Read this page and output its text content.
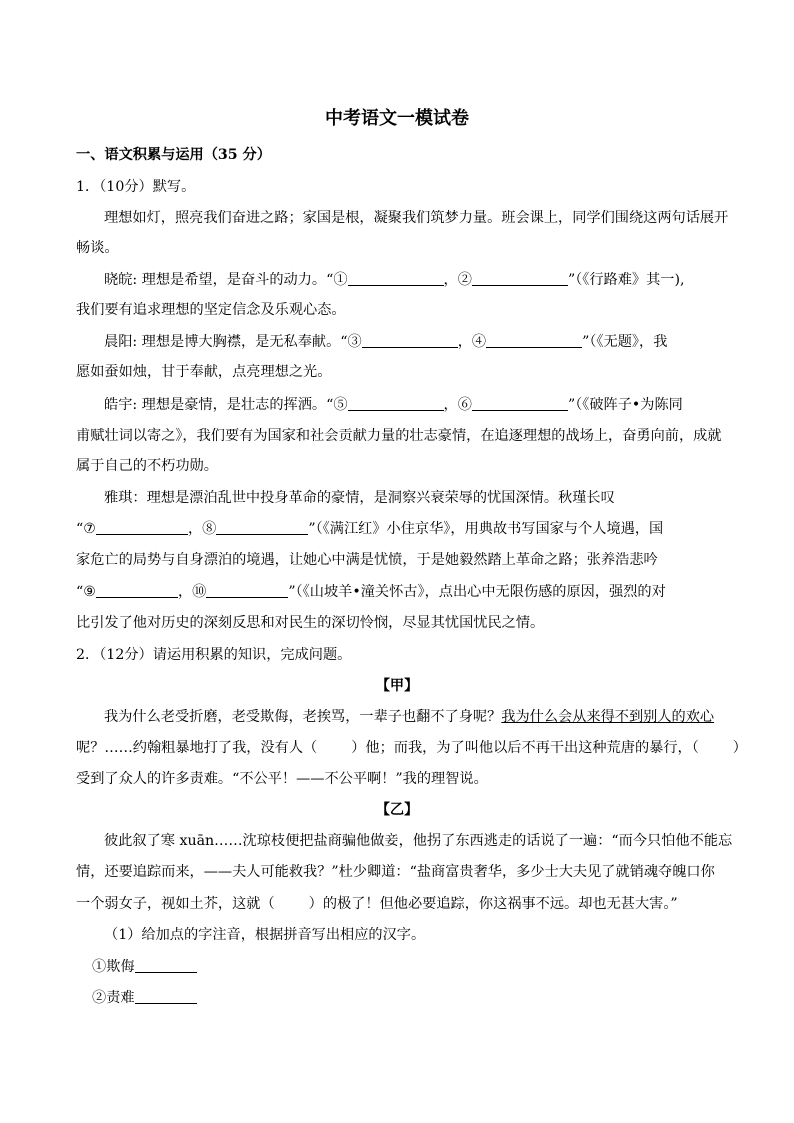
中考语文一模试卷
一、语文积累与运用（35 分）
1．（10分）默写。
理想如灯，照亮我们奋进之路；家国是根，凝聚我们筑梦力量。班会课上，同学们围绕这两句话展开
畅谈。
晓皖: 理想是希望，是奋斗的动力。“①	，②	”（《行路难》其一),
我们要有追求理想的坚定信念及乐观心态。
晨阳: 理想是博大胸襟，是无私奉献。“③	，④	”（《无题》，我
愿如蚕如烛，甘于奉献，点亮理想之光。
皓宇: 理想是豪情，是壮志的挥洒。“⑤	，⑥	”（《破阵子•为陈同
甫赋壮词以寄之》，我们要有为国家和社会贡献力量的壮志豪情，在追逐理想的战场上，奋勇向前，成就
属于自己的不朽功勋。
雅琪：理想是漂泊乱世中投身革命的豪情，是洞察兴衰荣辱的忧国深情。秋瑾长叹
“⑦	，⑧	”（《满江红》小住京华》，用典故书写国家与个人境遇，国
家危亡的局势与自身漂泊的境遇，让她心中满是忧愤，于是她毅然踏上革命之路；张养浩悲吟
“⑨	，⑩	”（《山坡羊•潼关怀古》，点出心中无限伤感的原因，强烈的对
比引发了他对历史的深刻反思和对民生的深切怜悯，尽显其忧国忧民之情。
2．（12分）请运用积累的知识，完成问题。
【甲】
我为什么老受折磨，老受欺侮，老挨骂，一辈子也翻不了身呢？我为什么会从来得不到别人的欢心
呢？……约翰粗暴地打了我，没有人（ ）他；而我，为了叫他以后不再干出这种荒唐的暴行，（ ）
受到了众人的许多责难。“不公平！——不公平啊！”我的理智说。
【乙】
彼此叙了寒 xuān……沈琼枝便把盐商骗他做妾，他拐了东西逃走的话说了一遍：“而今只怕他不能忘
情，还要追踪而来，——夫人可能救我？”杜少卿道：“盐商富贵奢华，多少士大夫见了就销魂夺魄口你
一个弱女子，视如土芥，这就（ ）的极了！但他必要追踪，你这祸事不远。却也无甚大害。”
（1）给加点的字注音，根据拼音写出相应的汉字。
①欺侮
②责难
